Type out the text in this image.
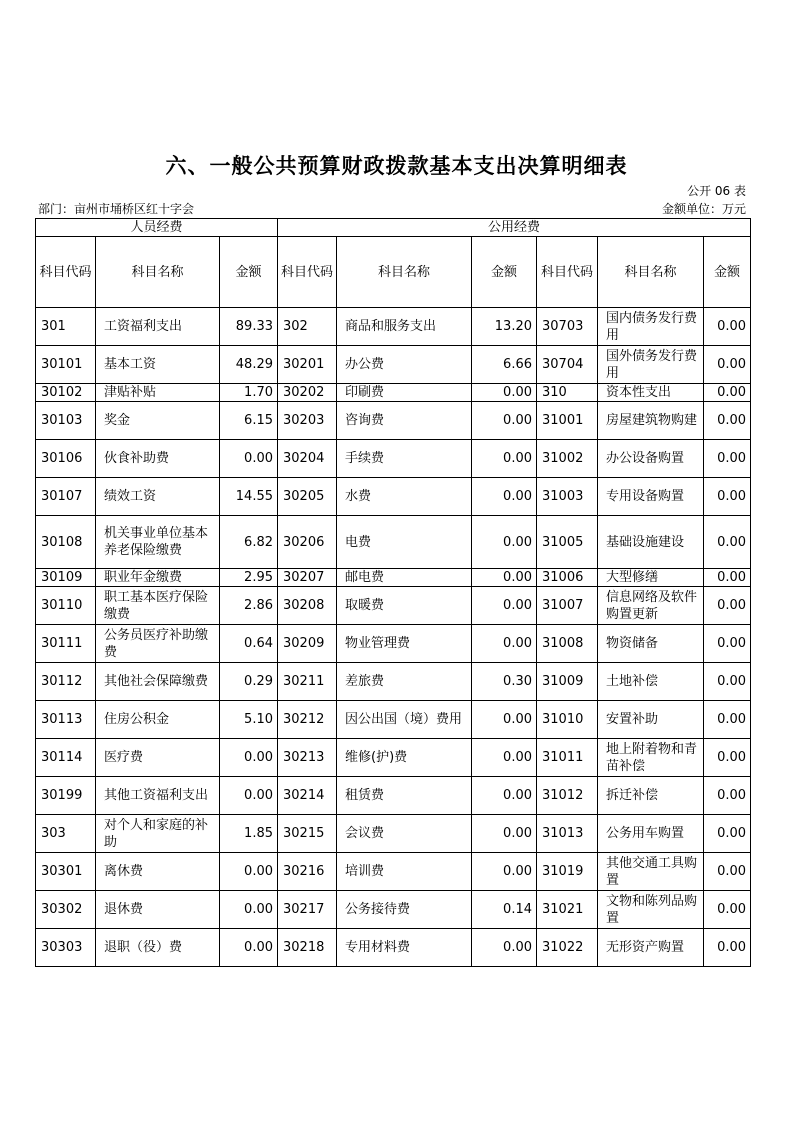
六、一般公共预算财政拨款基本支出决算明细表
公开 06 表
部门：亩州市埇桥区红十字会	金额单位：万元
人员经费			公用经费					
科目代码	科目名称	金额	科目代码	科目名称	金额	科目代码	科目名称	金额
301	工资福利支出	89.33	302	商品和服务支出	13.20	30703	国内债务发行费用	0.00
30101	基本工资	48.29	30201	办公费	6.66	30704	国外债务发行费用	0.00
30102	津贴补贴	1.70	30202	印刷费	0.00	310	资本性支出	0.00
30103	奖金	6.15	30203	咨询费	0.00	31001	房屋建筑物购建	0.00
30106	伙食补助费	0.00	30204	手续费	0.00	31002	办公设备购置	0.00
30107	绩效工资	14.55	30205	水费	0.00	31003	专用设备购置	0.00
30108	机关事业单位基本养老保险缴费	6.82	30206	电费	0.00	31005	基础设施建设	0.00
30109	职业年金缴费	2.95	30207	邮电费	0.00	31006	大型修缮	0.00
30110	职工基本医疗保险缴费	2.86	30208	取暖费	0.00	31007	信息网络及软件购置更新	0.00
30111	公务员医疗补助缴费	0.64	30209	物业管理费	0.00	31008	物资储备	0.00
30112	其他社会保障缴费	0.29	30211	差旅费	0.30	31009	土地补偿	0.00
30113	住房公积金	5.10	30212	因公出国（境）费用	0.00	31010	安置补助	0.00
30114	医疗费	0.00	30213	维修(护)费	0.00	31011	地上附着物和青苗补偿	0.00
30199	其他工资福利支出	0.00	30214	租赁费	0.00	31012	拆迁补偿	0.00
303	对个人和家庭的补助	1.85	30215	会议费	0.00	31013	公务用车购置	0.00
30301	离休费	0.00	30216	培训费	0.00	31019	其他交通工具购置	0.00
30302	退休费	0.00	30217	公务接待费	0.14	31021	文物和陈列品购置	0.00
30303	退职（役）费	0.00	30218	专用材料费	0.00	31022	无形资产购置	0.00
